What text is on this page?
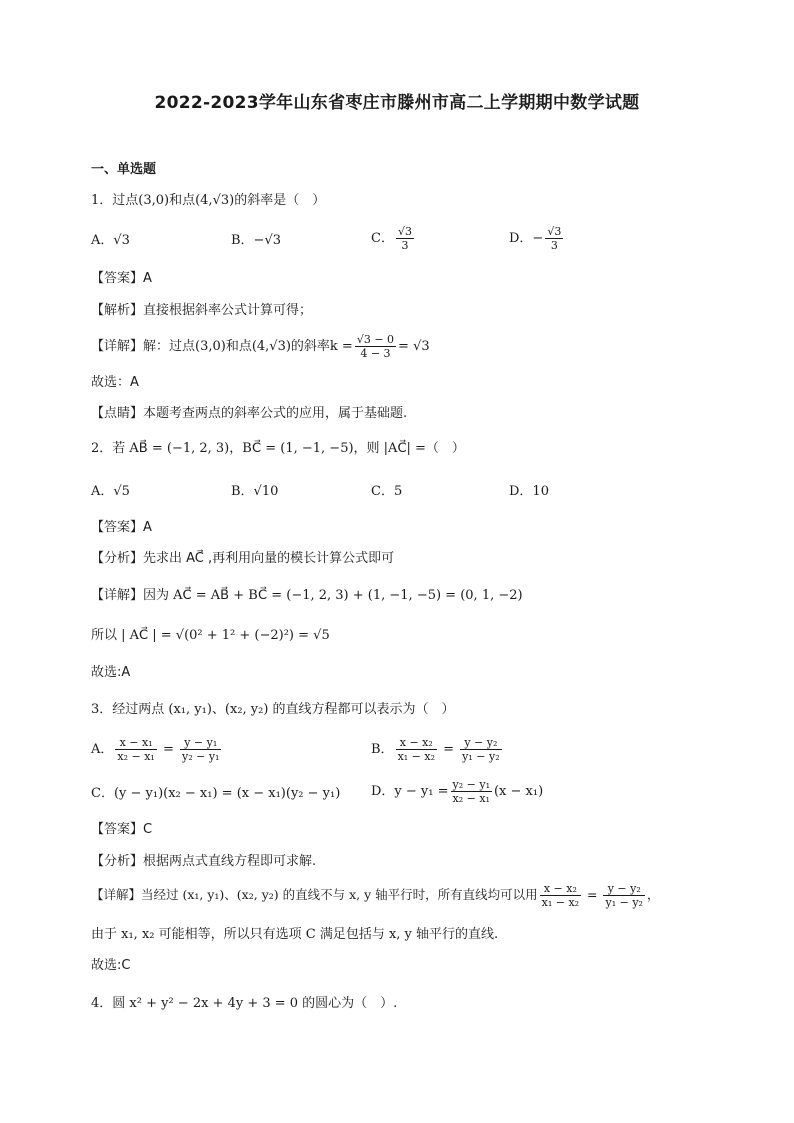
2022-2023学年山东省枣庄市滕州市高二上学期期中数学试题
一、单选题
1．过点(3,0)和点(4,√3)的斜率是（　）
A．√3	B．−√3	C． $\frac{√3}{3}$	D．− $\frac{√3}{3}$
【答案】A
【解析】直接根据斜率公式计算可得；
【详解】解：过点(3,0)和点(4,√3)的斜率$k = \frac{√3 - 0}{4 - 3} = √3$
故选：A
【点睛】本题考查两点的斜率公式的应用，属于基础题.
2．若 AB⃗ = (−1, 2, 3)，BC⃗ = (1, −1, −5)，则 |AC⃗| =（　）
A．√5	B．√10	C．5	D．10
【答案】A
【分析】先求出 AC⃗ ,再利用向量的模长计算公式即可
【详解】因为 AC⃗ = AB⃗ + BC⃗ = (−1, 2, 3) + (1, −1, −5) = (0, 1, −2)
所以 | AC⃗ | = √(0² + 1² + (−2)²) = √5
故选:A
3．经过两点 (x₁, y₁)、(x₂, y₂) 的直线方程都可以表示为（　）
A． $\frac{\text{x − x₁}}{\text{x₂ − x₁}} = \frac{\text{y − y₁}}{\text{y₂ − y₁}}$	B． $\frac{\text{x − x₂}}{\text{x₁ − x₂}} = \frac{\text{y − y₂}}{\text{y₁ − y₂}}$
C．(y − y₁)(x₂ − x₁) = (x − x₁)(y₂ − y₁) D．$y - y_1 = \frac{\text{y₂ − y₁}}{\text{x₂ − x₁}} (x - x_1)$
【答案】C
【分析】根据两点式直线方程即可求解.
【详解】当经过 (x₁, y₁)、(x₂, y₂) 的直线不与 x, y 轴平行时，所有直线均可以用 $\frac{\text{x − x₂}}{\text{x₁ − x₂}} = \frac{\text{y − y₂}}{\text{y₁ − y₂}}$ ，
由于 x₁, x₂ 可能相等，所以只有选项 C 满足包括与 x, y 轴平行的直线.
故选:C
4．圆 x² + y² − 2x + 4y + 3 = 0 的圆心为（　）.
